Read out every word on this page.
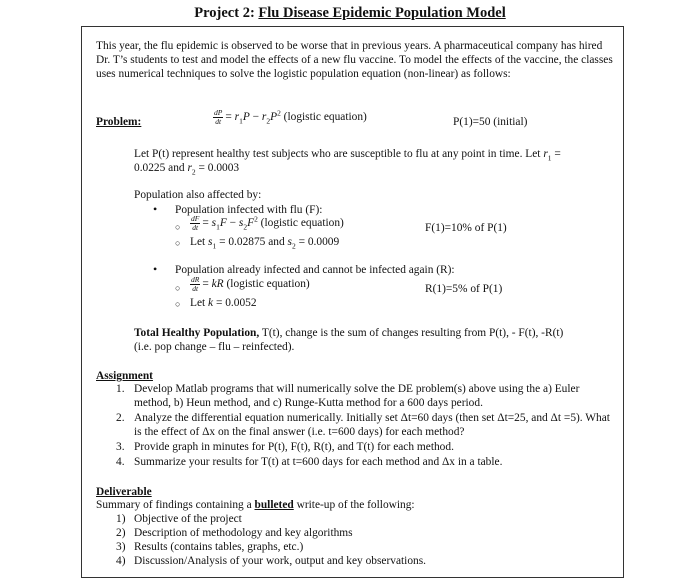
Project 2: Flu Disease Epidemic Population Model
This year, the flu epidemic is observed to be worse that in previous years. A pharmaceutical company has hired Dr. T’s students to test and model the effects of a new flu vaccine. To model the effects of the vaccine, the classes uses numerical techniques to solve the logistic population equation (non-linear) as follows:
Problem:	$\frac{dP}{dt} = r_1P - r_2P^2$ (logistic equation)	P(1)=50 (initial)
Let P(t) represent healthy test subjects who are susceptible to flu at any point in time. Let $r_1$ =
0.0225 and $r_2 = 0.0003$
Population also affected by:
• Population infected with flu (F):
○ $\frac{dF}{dt} = s_1F - s_2F^2$ (logistic equation)	F(1)=10% of P(1)
○ Let $s_1 = 0.02875$ and $s_2 = 0.0009$
• Population already infected and cannot be infected again (R):
○ $\frac{dR}{dt}$ = kR (logistic equation)	R(1)=5% of P(1)
○ Let k = 0.0052
Total Healthy Population, T(t), change is the sum of changes resulting from P(t), - F(t), -R(t)
(i.e. pop change – flu – reinfected).
Assignment
1. Develop Matlab programs that will numerically solve the DE problem(s) above using the a) Euler method, b) Heun method, and c) Runge-Kutta method for a 600 days period.
2. Analyze the differential equation numerically. Initially set Δt=60 days (then set Δt=25, and Δt =5). What is the effect of Δx on the final answer (i.e. t=600 days) for each method?
3. Provide graph in minutes for P(t), F(t), R(t), and T(t) for each method.
4. Summarize your results for T(t) at t=600 days for each method and Δx in a table.
Deliverable
Summary of findings containing a bulleted write-up of the following:
1) Objective of the project
2) Description of methodology and key algorithms
3) Results (contains tables, graphs, etc.)
4) Discussion/Analysis of your work, output and key observations.
